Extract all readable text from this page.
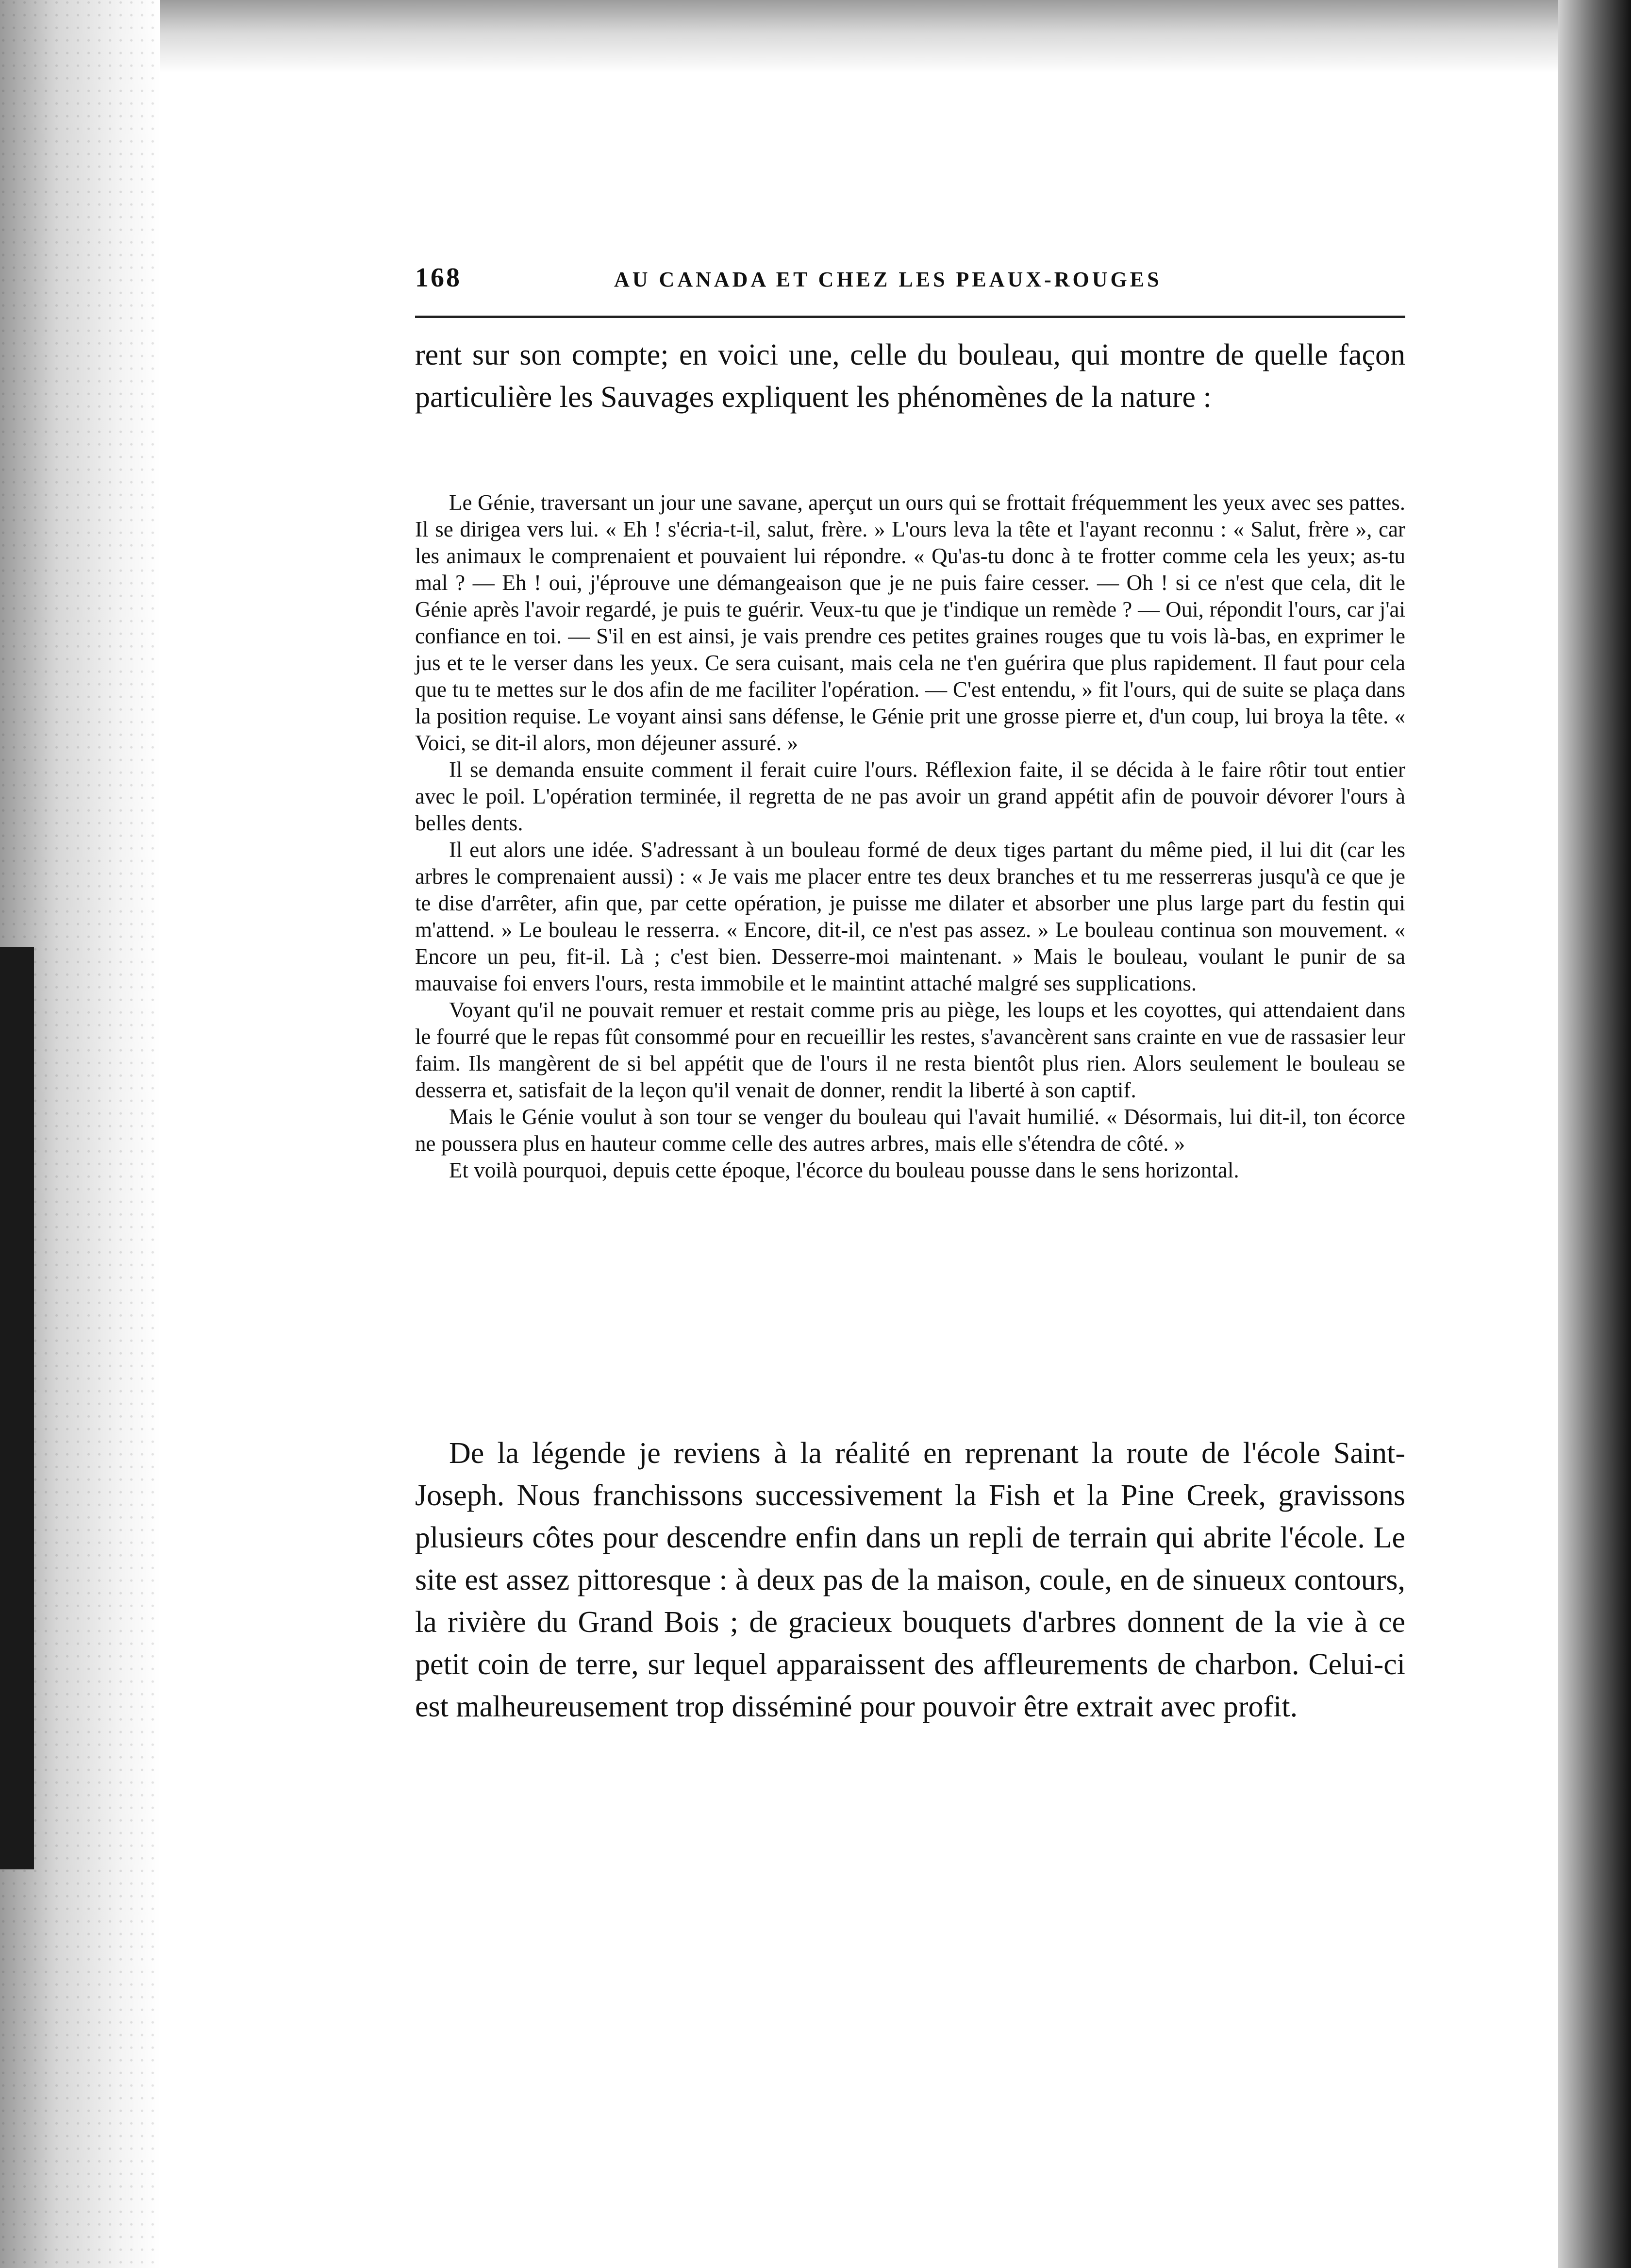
168	AU CANADA ET CHEZ LES PEAUX-ROUGES

rent sur son compte; en voici une, celle du bouleau, qui montre de quelle façon particulière les Sauvages expliquent les phénomènes de la nature :

Le Génie, traversant un jour une savane, aperçut un ours qui se frottait fréquemment les yeux avec ses pattes. Il se dirigea vers lui. « Eh ! s'écria-t-il, salut, frère. » L'ours leva la tête et l'ayant reconnu : « Salut, frère », car les animaux le comprenaient et pouvaient lui répondre. « Qu'as-tu donc à te frotter comme cela les yeux; as-tu mal ? — Eh ! oui, j'éprouve une démangeaison que je ne puis faire cesser. — Oh ! si ce n'est que cela, dit le Génie après l'avoir regardé, je puis te guérir. Veux-tu que je t'indique un remède ? — Oui, répondit l'ours, car j'ai confiance en toi. — S'il en est ainsi, je vais prendre ces petites graines rouges que tu vois là-bas, en exprimer le jus et te le verser dans les yeux. Ce sera cuisant, mais cela ne t'en guérira que plus rapidement. Il faut pour cela que tu te mettes sur le dos afin de me faciliter l'opération. — C'est entendu, » fit l'ours, qui de suite se plaça dans la position requise. Le voyant ainsi sans défense, le Génie prit une grosse pierre et, d'un coup, lui broya la tête. « Voici, se dit-il alors, mon déjeuner assuré. »

Il se demanda ensuite comment il ferait cuire l'ours. Réflexion faite, il se décida à le faire rôtir tout entier avec le poil. L'opération terminée, il regretta de ne pas avoir un grand appétit afin de pouvoir dévorer l'ours à belles dents.

Il eut alors une idée. S'adressant à un bouleau formé de deux tiges partant du même pied, il lui dit (car les arbres le comprenaient aussi) : « Je vais me placer entre tes deux branches et tu me resserreras jusqu'à ce que je te dise d'arrêter, afin que, par cette opération, je puisse me dilater et absorber une plus large part du festin qui m'attend. » Le bouleau le resserra. « Encore, dit-il, ce n'est pas assez. » Le bouleau continua son mouvement. « Encore un peu, fit-il. Là ; c'est bien. Desserre-moi maintenant. » Mais le bouleau, voulant le punir de sa mauvaise foi envers l'ours, resta immobile et le maintint attaché malgré ses supplications.

Voyant qu'il ne pouvait remuer et restait comme pris au piège, les loups et les coyottes, qui attendaient dans le fourré que le repas fût consommé pour en recueillir les restes, s'avancèrent sans crainte en vue de rassasier leur faim. Ils mangèrent de si bel appétit que de l'ours il ne resta bientôt plus rien. Alors seulement le bouleau se desserra et, satisfait de la leçon qu'il venait de donner, rendit la liberté à son captif.

Mais le Génie voulut à son tour se venger du bouleau qui l'avait humilié. « Désormais, lui dit-il, ton écorce ne poussera plus en hauteur comme celle des autres arbres, mais elle s'étendra de côté. »

Et voilà pourquoi, depuis cette époque, l'écorce du bouleau pousse dans le sens horizontal.

De la légende je reviens à la réalité en reprenant la route de l'école Saint-Joseph. Nous franchissons successivement la Fish et la Pine Creek, gravissons plusieurs côtes pour descendre enfin dans un repli de terrain qui abrite l'école. Le site est assez pittoresque : à deux pas de la maison, coule, en de sinueux contours, la rivière du Grand Bois ; de gracieux bouquets d'arbres donnent de la vie à ce petit coin de terre, sur lequel apparaissent des affleurements de charbon. Celui-ci est malheureusement trop disséminé pour pouvoir être extrait avec profit.
